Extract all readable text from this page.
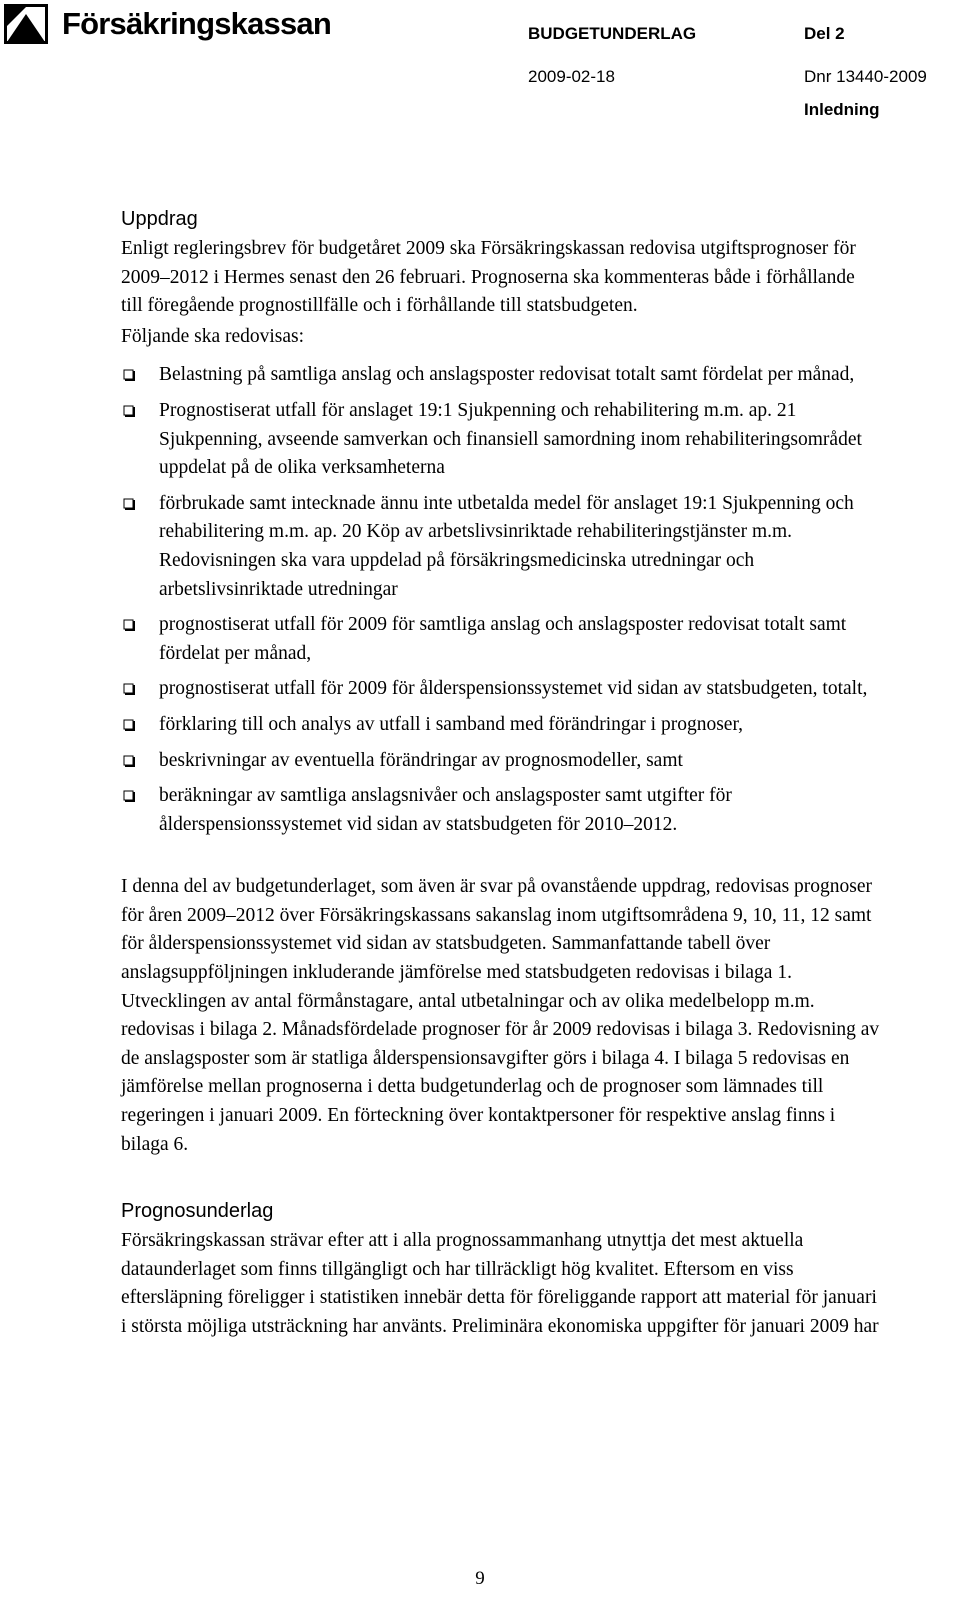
Försäkringskassan	BUDGETUNDERLAG	Del 2
2009-02-18	Dnr 13440-2009
Inledning
Uppdrag

Enligt regleringsbrev för budgetåret 2009 ska Försäkringskassan redovisa utgiftsprognoser för 2009–2012 i Hermes senast den 26 februari. Prognoserna ska kommenteras både i förhållande till föregående prognostillfälle och i förhållande till statsbudgeten.

Följande ska redovisas:

Belastning på samtliga anslag och anslagsposter redovisat totalt samt fördelat per månad,
Prognostiserat utfall för anslaget 19:1 Sjukpenning och rehabilitering m.m. ap. 21 Sjukpenning, avseende samverkan och finansiell samordning inom rehabiliteringsområdet uppdelat på de olika verksamheterna
förbrukade samt intecknade ännu inte utbetalda medel för anslaget 19:1 Sjukpenning och rehabilitering m.m. ap. 20 Köp av arbetslivsinriktade rehabiliteringstjänster m.m. Redovisningen ska vara uppdelad på försäkringsmedicinska utredningar och arbetslivsinriktade utredningar
prognostiserat utfall för 2009 för samtliga anslag och anslagsposter redovisat totalt samt fördelat per månad,
prognostiserat utfall för 2009 för ålderspensionssystemet vid sidan av statsbudgeten, totalt,
förklaring till och analys av utfall i samband med förändringar i prognoser,
beskrivningar av eventuella förändringar av prognosmodeller, samt
beräkningar av samtliga anslagsnivåer och anslagsposter samt utgifter för ålderspensionssystemet vid sidan av statsbudgeten för 2010–2012.

I denna del av budgetunderlaget, som även är svar på ovanstående uppdrag, redovisas prognoser för åren 2009–2012 över Försäkringskassans sakanslag inom utgiftsområdena 9, 10, 11, 12 samt för ålderspensionssystemet vid sidan av statsbudgeten. Sammanfattande tabell över anslagsuppföljningen inkluderande jämförelse med statsbudgeten redovisas i bilaga 1. Utvecklingen av antal förmånstagare, antal utbetalningar och av olika medelbelopp m.m. redovisas i bilaga 2. Månadsfördelade prognoser för år 2009 redovisas i bilaga 3. Redovisning av de anslagsposter som är statliga ålderspensionsavgifter görs i bilaga 4. I bilaga 5 redovisas en jämförelse mellan prognoserna i detta budgetunderlag och de prognoser som lämnades till regeringen i januari 2009. En förteckning över kontaktpersoner för respektive anslag finns i bilaga 6.

Prognosunderlag

Försäkringskassan strävar efter att i alla prognossammanhang utnyttja det mest aktuella dataunderlaget som finns tillgängligt och har tillräckligt hög kvalitet. Eftersom en viss eftersläpning föreligger i statistiken innebär detta för föreliggande rapport att material för januari i största möjliga utsträckning har använts. Preliminära ekonomiska uppgifter för januari 2009 har

9
